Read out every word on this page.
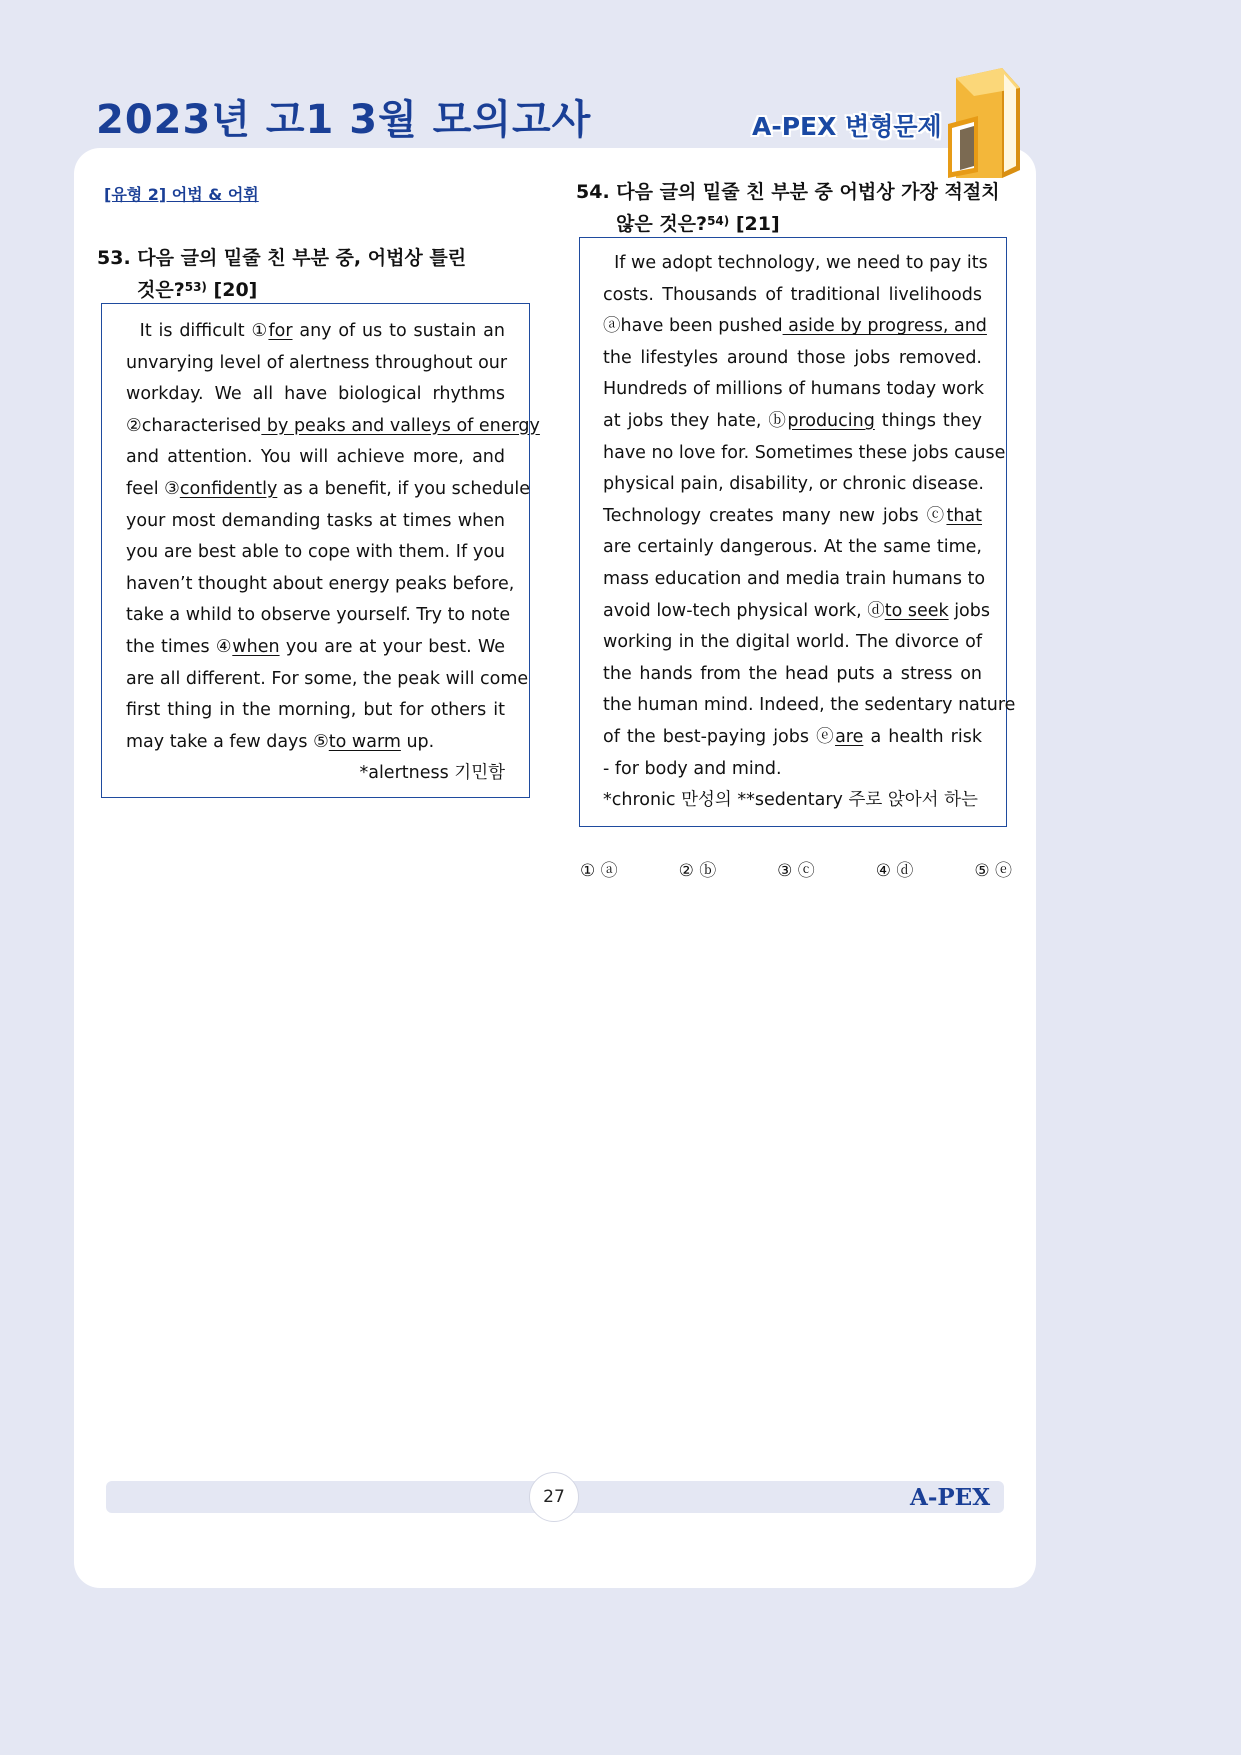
2023년 고1 3월 모의고사	A-PEX 변형문제
[유형 2] 어법 & 어휘
53. 다음 글의 밑줄 친 부분 중, 어법상 틀린
것은?$^{53)}$ [20]
It is difficult ①for any of us to sustain an
unvarying level of alertness throughout our
workday. We all have biological rhythms
②characterised by peaks and valleys of energy
and attention. You will achieve more, and
feel ③confidently as a benefit, if you schedule
your most demanding tasks at times when
you are best able to cope with them. If you
haven’t thought about energy peaks before,
take a whild to observe yourself. Try to note
the times ④when you are at your best. We
are all different. For some, the peak will come
first thing in the morning, but for others it
may take a few days ⑤to warm up.
*alertness 기민함
54. 다음 글의 밑줄 친 부분 중 어법상 가장 적절치
않은 것은?$^{54)}$ [21]
If we adopt technology, we need to pay its
costs. Thousands of traditional livelihoods
ⓐhave been pushed aside by progress, and
the lifestyles around those jobs removed.
Hundreds of millions of humans today work
at jobs they hate, ⓑproducing things they
have no love for. Sometimes these jobs cause
physical pain, disability, or chronic disease.
Technology creates many new jobs ⓒthat
are certainly dangerous. At the same time,
mass education and media train humans to
avoid low-tech physical work, ⓓto seek jobs
working in the digital world. The divorce of
the hands from the head puts a stress on
the human mind. Indeed, the sedentary nature
of the best-paying jobs ⓔare a health risk
- for body and mind.
*chronic 만성의 **sedentary 주로 앉아서 하는
① ⓐ	② ⓑ	③ ⓒ	④ ⓓ	⑤ ⓔ
27	A-PEX
